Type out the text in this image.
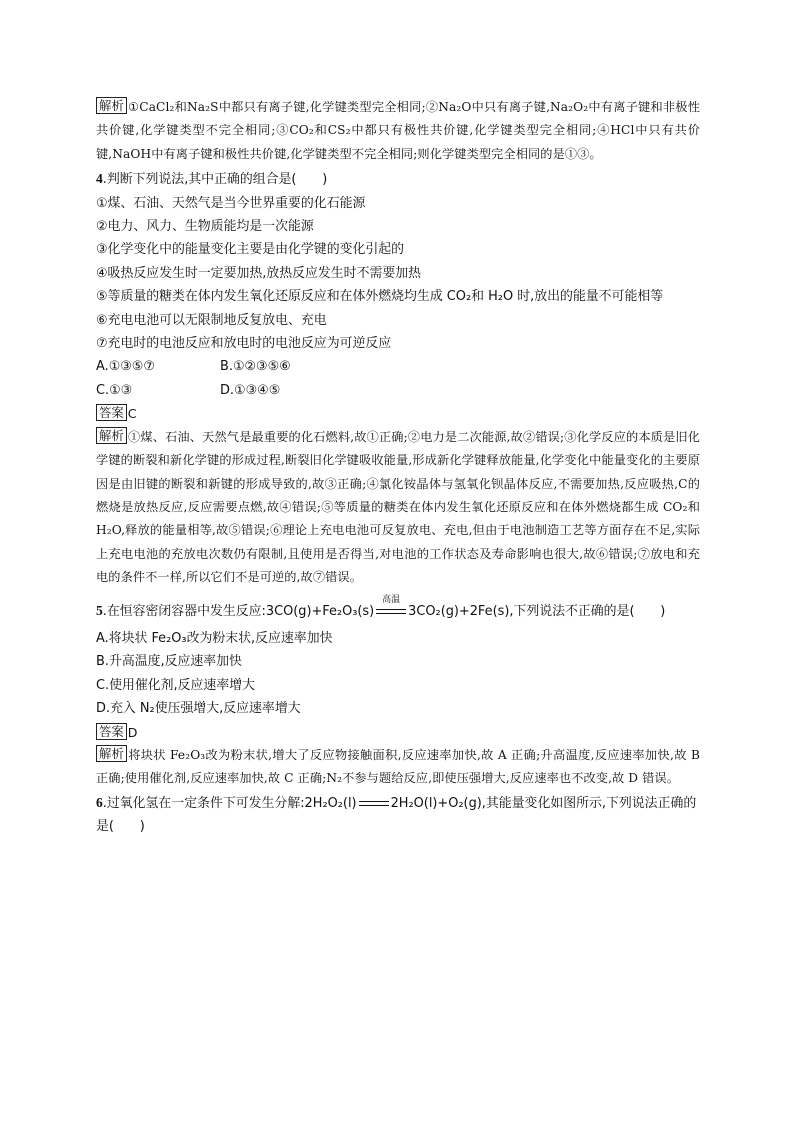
解析 ①CaCl₂和Na₂S中都只有离子键,化学键类型完全相同;②Na₂O中只有离子键,Na₂O₂中有离子键和非极性共价键,化学键类型不完全相同;③CO₂和CS₂中都只有极性共价键,化学键类型完全相同;④HCl中只有共价键,NaOH中有离子键和极性共价键,化学键类型不完全相同;则化学键类型完全相同的是①③。

4.判断下列说法,其中正确的组合是(　　)

①煤、石油、天然气是当今世界重要的化石能源

②电力、风力、生物质能均是一次能源

③化学变化中的能量变化主要是由化学键的变化引起的

④吸热反应发生时一定要加热,放热反应发生时不需要加热

⑤等质量的糖类在体内发生氧化还原反应和在体外燃烧均生成 CO₂和 H₂O 时,放出的能量不可能相等

⑥充电电池可以无限制地反复放电、充电

⑦充电时的电池反应和放电时的电池反应为可逆反应

A.①③⑤⑦	B.①②③⑤⑥
C.①③	D.①③④⑤

答案 C

解析 ①煤、石油、天然气是最重要的化石燃料,故①正确;②电力是二次能源,故②错误;③化学反应的本质是旧化学键的断裂和新化学键的形成过程,断裂旧化学键吸收能量,形成新化学键释放能量,化学变化中能量变化的主要原因是由旧键的断裂和新键的形成导致的,故③正确;④氯化铵晶体与氢氧化钡晶体反应,不需要加热,反应吸热,C的燃烧是放热反应,反应需要点燃,故④错误;⑤等质量的糖类在体内发生氧化还原反应和在体外燃烧都生成 CO₂和 H₂O,释放的能量相等,故⑤错误;⑥理论上充电电池可反复放电、充电,但由于电池制造工艺等方面存在不足,实际上充电电池的充放电次数仍有限制,且使用是否得当,对电池的工作状态及寿命影响也很大,故⑥错误;⑦放电和充电的条件不一样,所以它们不是可逆的,故⑦错误。

5.在恒容密闭容器中发生反应:3CO(g)+Fe₂O₃(s)
高温
3CO₂(g)+2Fe(s),下列说法不正确的是(　　)

A.将块状 Fe₂O₃改为粉末状,反应速率加快

B.升高温度,反应速率加快

C.使用催化剂,反应速率增大

D.充入 N₂使压强增大,反应速率增大

答案 D

解析 将块状 Fe₂O₃改为粉末状,增大了反应物接触面积,反应速率加快,故 A 正确;升高温度,反应速率加快,故 B 正确;使用催化剂,反应速率加快,故 C 正确;N₂不参与题给反应,即使压强增大,反应速率也不改变,故 D 错误。

6.过氧化氢在一定条件下可发生分解:2H₂O₂(l)	2H₂O(l)+O₂(g),其能量变化如图所示,下列说法正确的是(　　)
